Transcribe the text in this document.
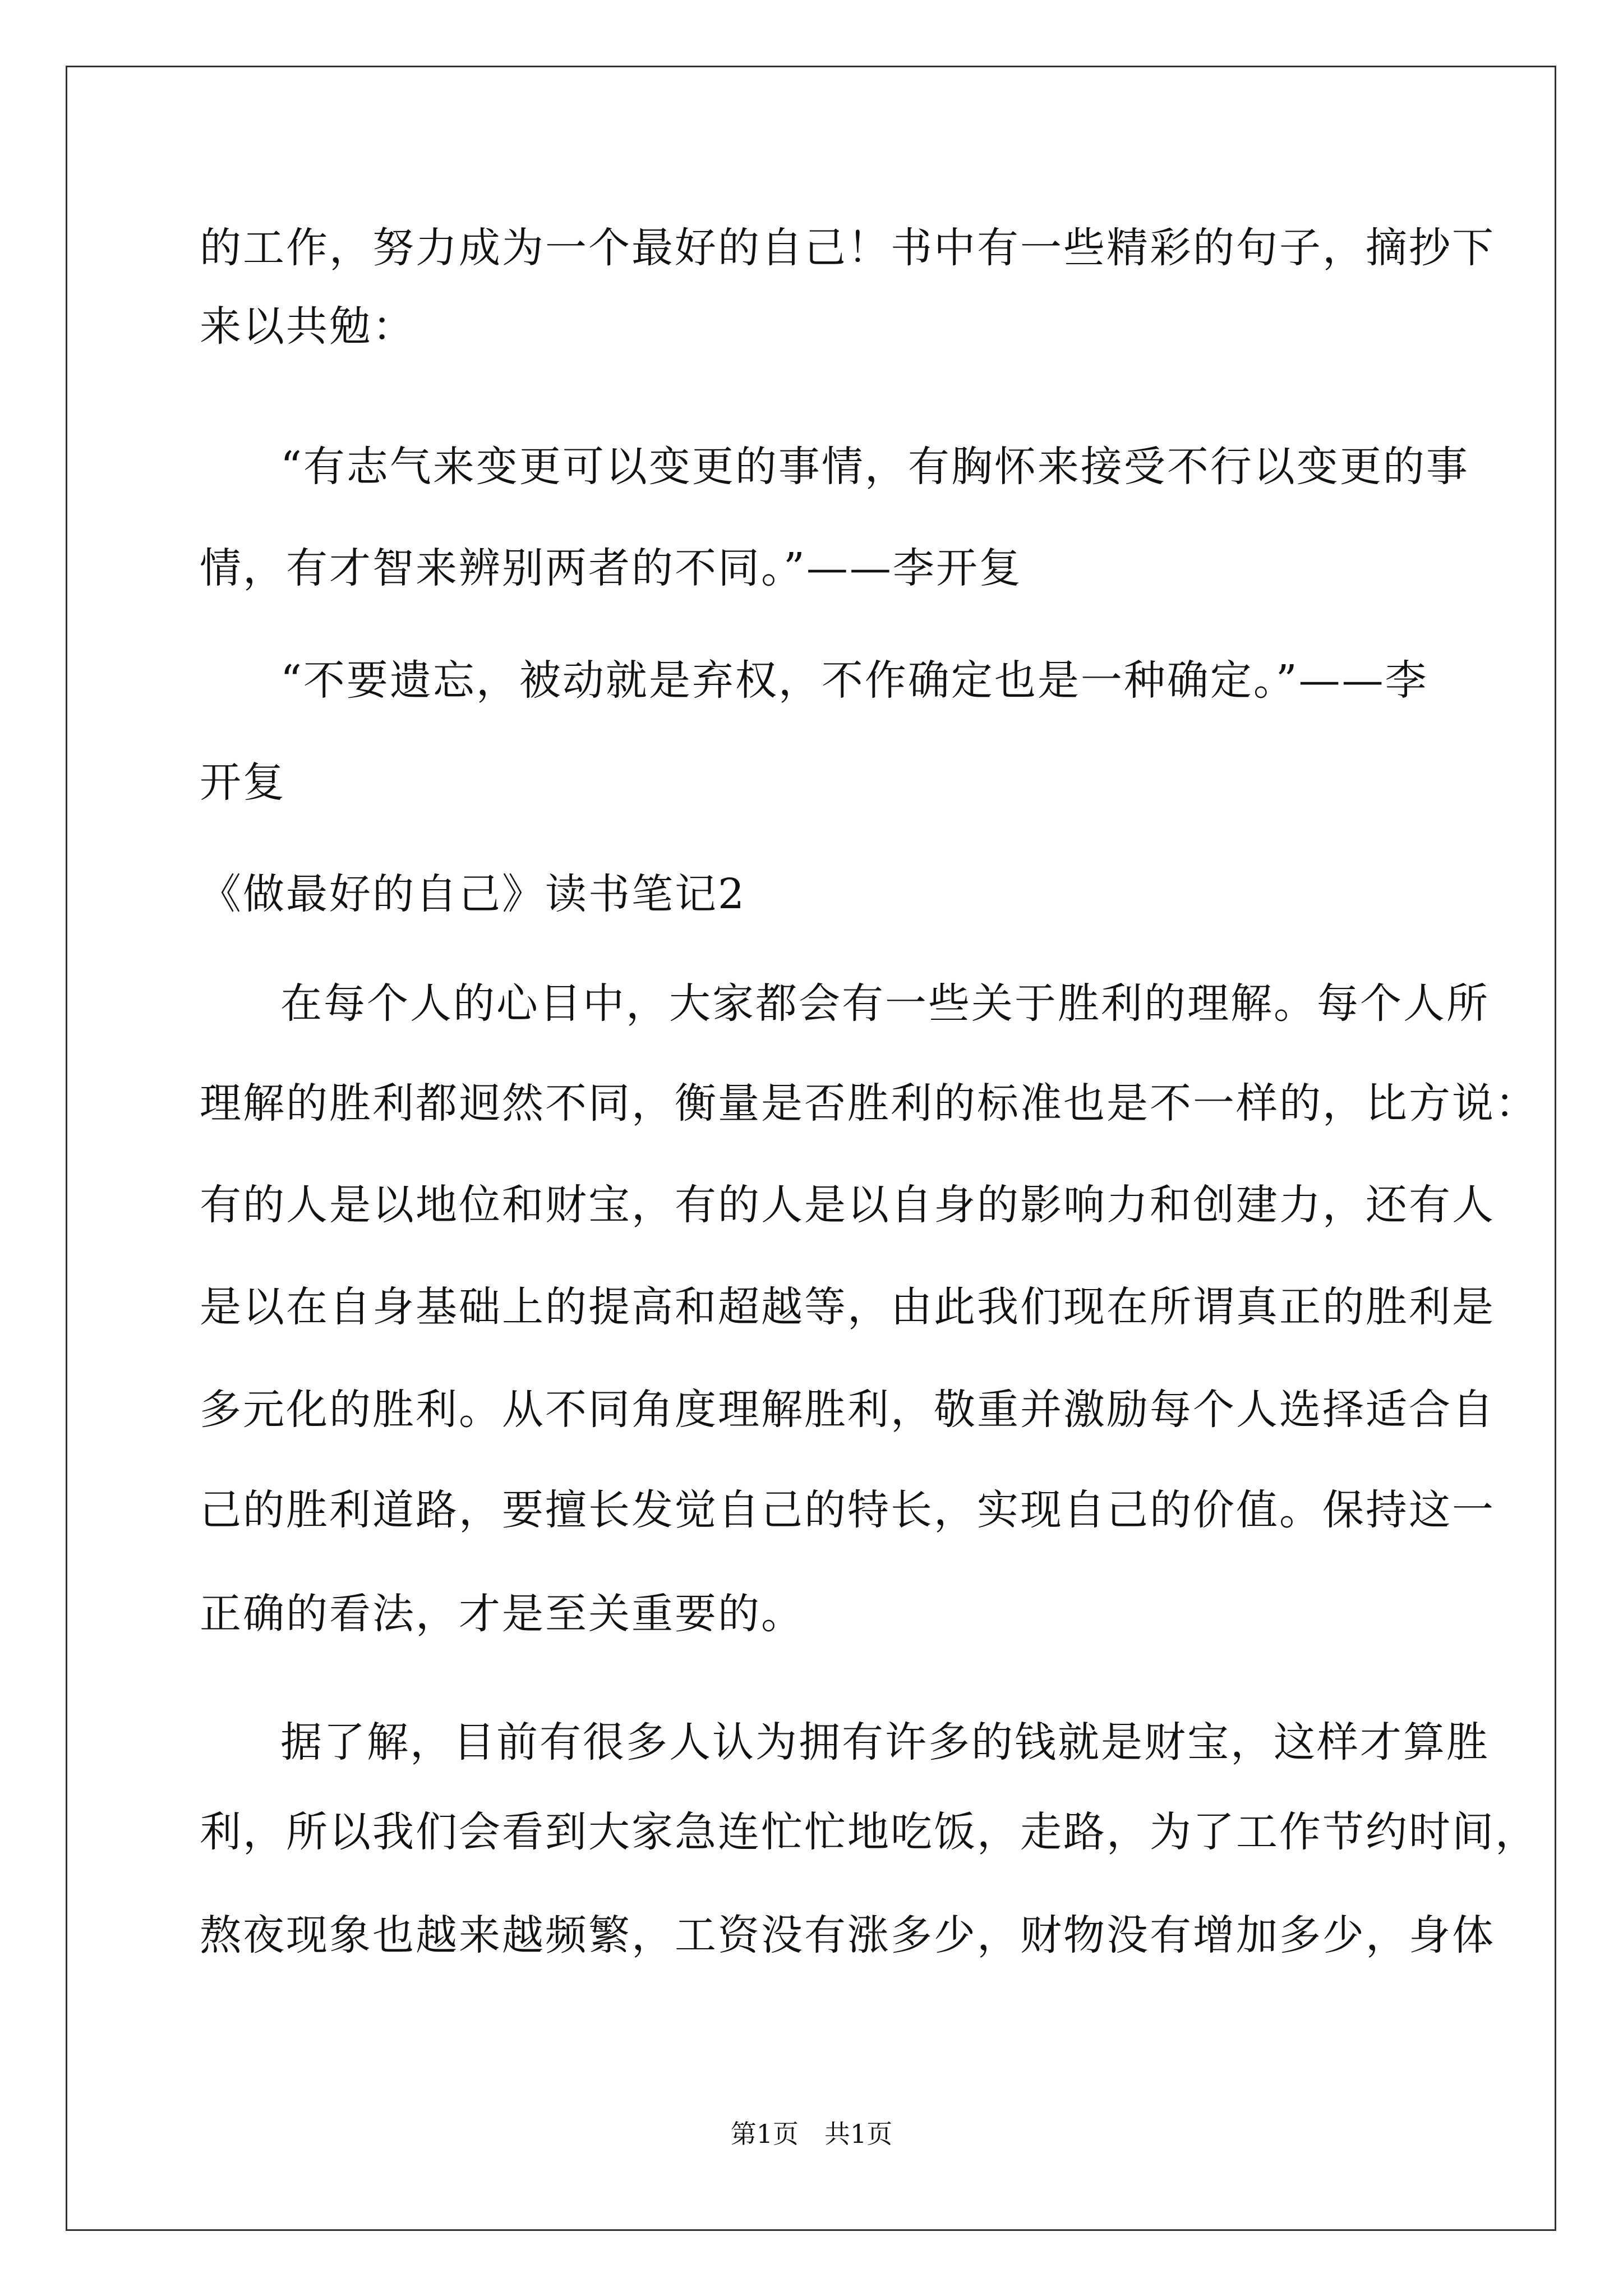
的工作，努力成为一个最好的自己！书中有一些精彩的句子，摘抄下
来以共勉：
“有志气来变更可以变更的事情，有胸怀来接受不行以变更的事
情，有才智来辨别两者的不同。”——李开复
“不要遗忘，被动就是弃权，不作确定也是一种确定。”——李
开复
《做最好的自己》读书笔记2
在每个人的心目中，大家都会有一些关于胜利的理解。每个人所
理解的胜利都迥然不同，衡量是否胜利的标准也是不一样的，比方说：
有的人是以地位和财宝，有的人是以自身的影响力和创建力，还有人
是以在自身基础上的提高和超越等，由此我们现在所谓真正的胜利是
多元化的胜利。从不同角度理解胜利，敬重并激励每个人选择适合自
己的胜利道路，要擅长发觉自己的特长，实现自己的价值。保持这一
正确的看法，才是至关重要的。
据了解，目前有很多人认为拥有许多的钱就是财宝，这样才算胜
利，所以我们会看到大家急连忙忙地吃饭，走路，为了工作节约时间，
熬夜现象也越来越频繁，工资没有涨多少，财物没有增加多少，身体
第1页　共1页
